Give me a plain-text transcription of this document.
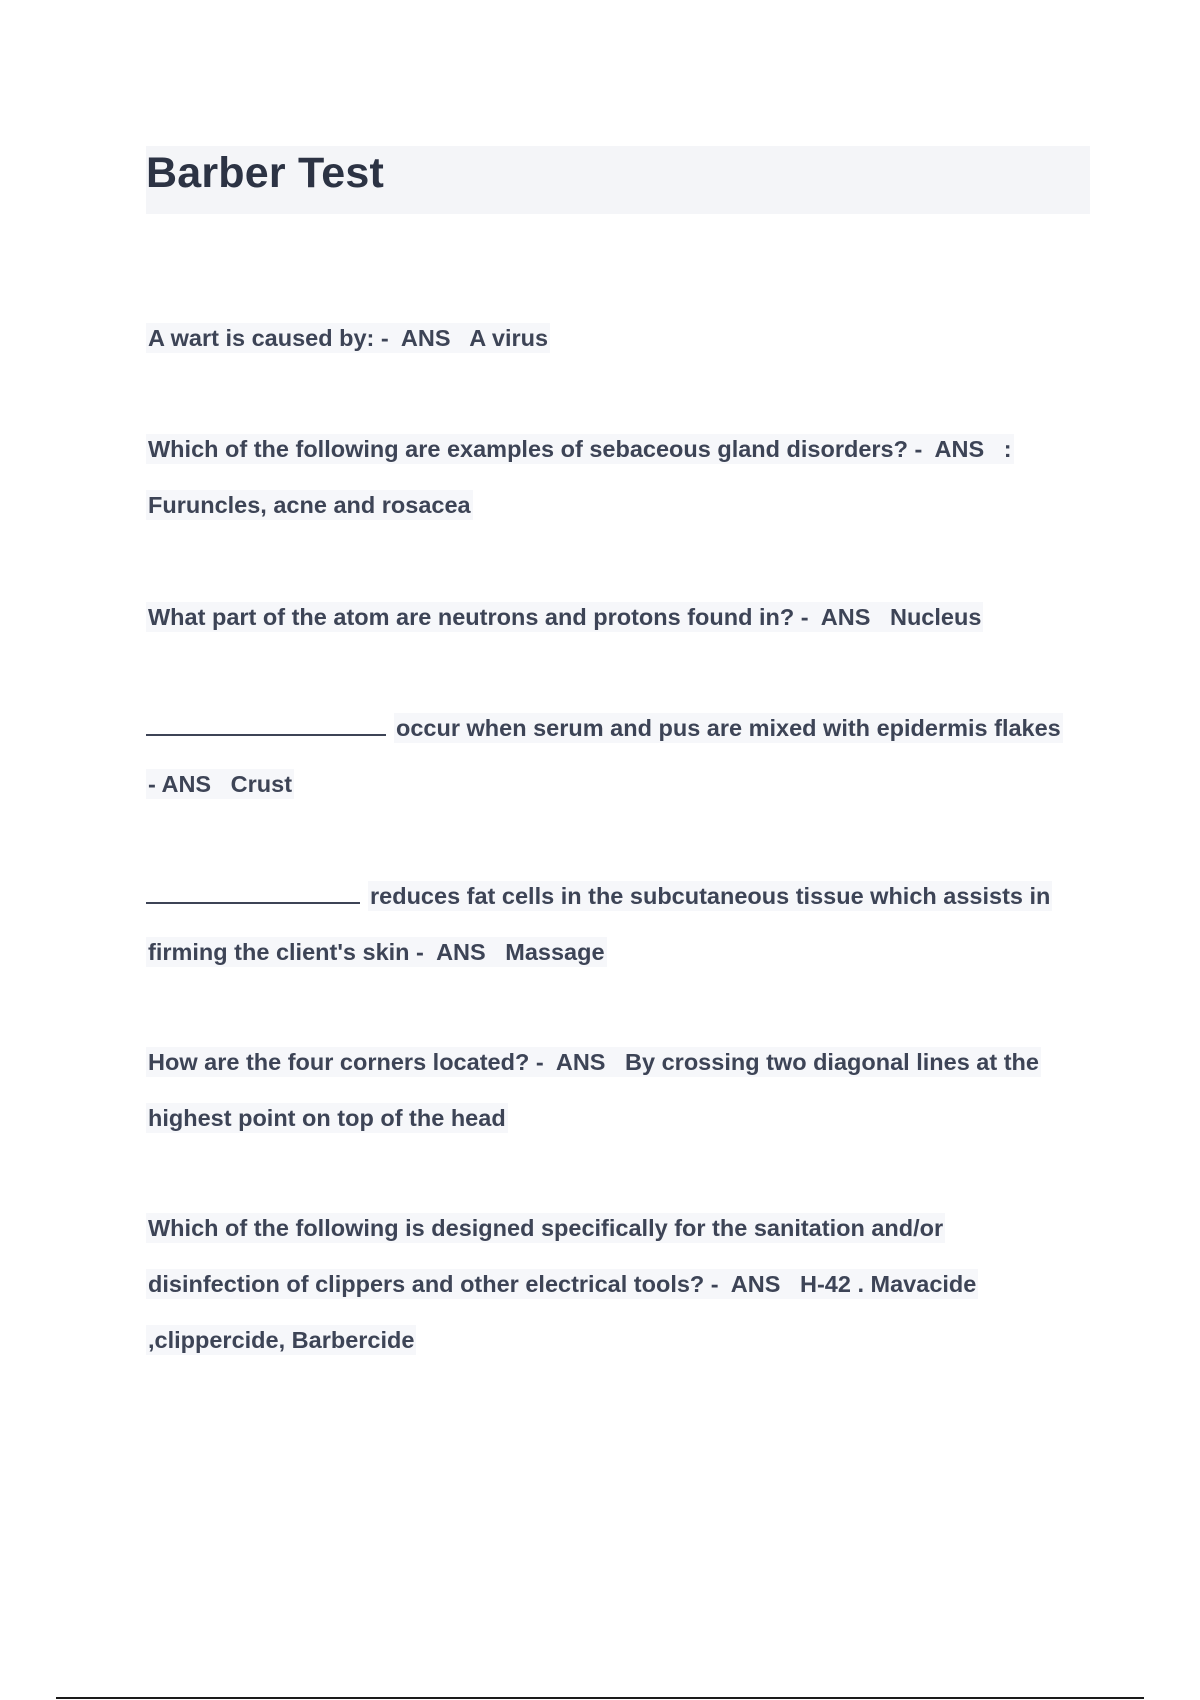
Barber Test
A wart is caused by: -  ANS   A virus
Which of the following are examples of sebaceous gland disorders? -  ANS   :
Furuncles, acne and rosacea
What part of the atom are neutrons and protons found in? -  ANS   Nucleus
occur when serum and pus are mixed with epidermis flakes
- ANS   Crust
reduces fat cells in the subcutaneous tissue which assists in
firming the client's skin -  ANS   Massage
How are the four corners located? -  ANS   By crossing two diagonal lines at the
highest point on top of the head
Which of the following is designed specifically for the sanitation and/or
disinfection of clippers and other electrical tools? -  ANS   H-42 . Mavacide
,clippercide, Barbercide
